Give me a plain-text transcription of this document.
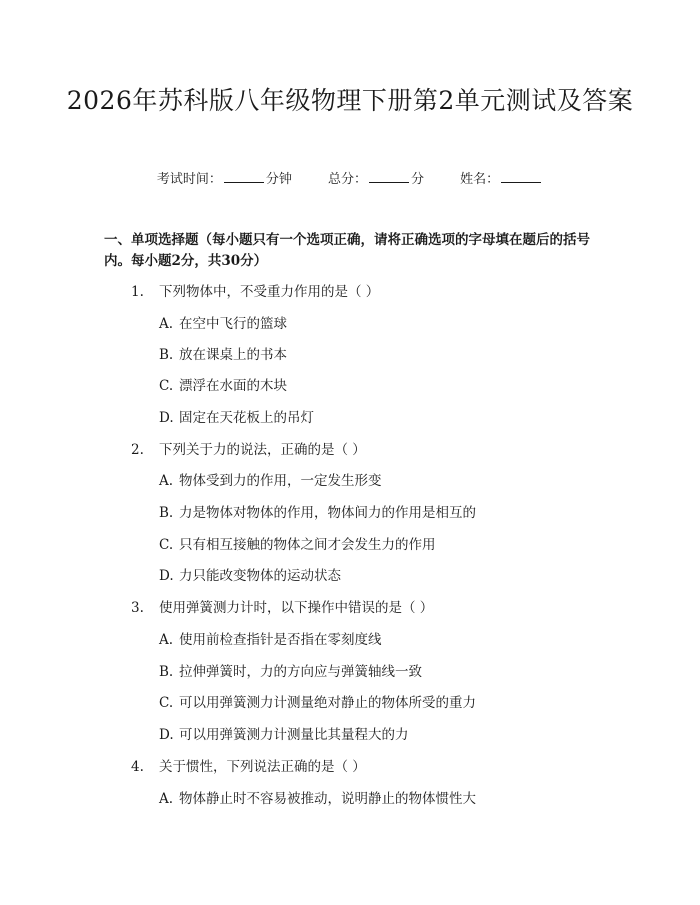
2026年苏科版八年级物理下册第2单元测试及答案
考试时间：	分钟	总分：	分	姓名：

一、单项选择题（每小题只有一个选项正确，请将正确选项的字母填在题后的括号内。每小题2分，共30分）

1. 下列物体中，不受重力作用的是（ ）
A. 在空中飞行的篮球
B. 放在课桌上的书本
C. 漂浮在水面的木块
D. 固定在天花板上的吊灯
2. 下列关于力的说法，正确的是（ ）
A. 物体受到力的作用，一定发生形变
B. 力是物体对物体的作用，物体间力的作用是相互的
C. 只有相互接触的物体之间才会发生力的作用
D. 力只能改变物体的运动状态
3. 使用弹簧测力计时，以下操作中错误的是（ ）
A. 使用前检查指针是否指在零刻度线
B. 拉伸弹簧时，力的方向应与弹簧轴线一致
C. 可以用弹簧测力计测量绝对静止的物体所受的重力
D. 可以用弹簧测力计测量比其量程大的力
4. 关于惯性，下列说法正确的是（ ）
A. 物体静止时不容易被推动，说明静止的物体惯性大
